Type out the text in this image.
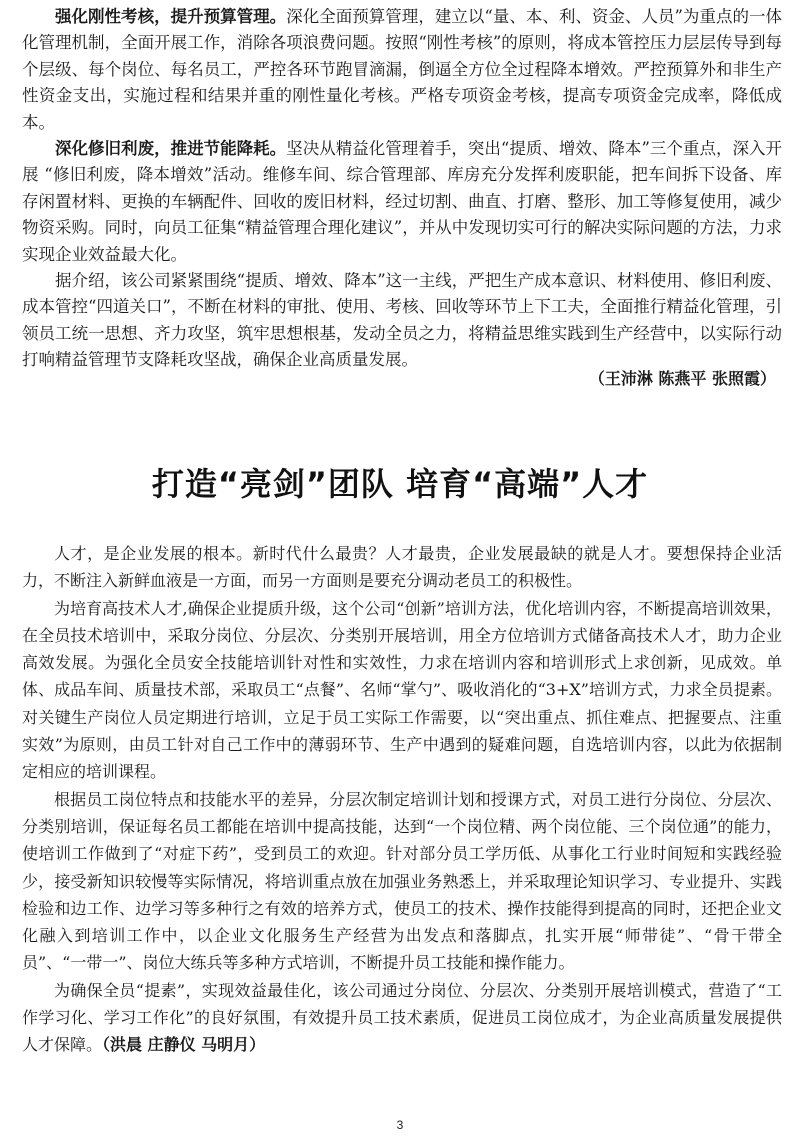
强化刚性考核，提升预算管理。深化全面预算管理，建立以“量、本、利、资金、人员”为重点的一体化管理机制，全面开展工作，消除各项浪费问题。按照“刚性考核”的原则，将成本管控压力层层传导到每个层级、每个岗位、每名员工，严控各环节跑冒滴漏，倒逼全方位全过程降本增效。严控预算外和非生产性资金支出，实施过程和结果并重的刚性量化考核。严格专项资金考核，提高专项资金完成率，降低成本。

深化修旧利废，推进节能降耗。坚决从精益化管理着手，突出“提质、增效、降本”三个重点，深入开展 “修旧利废，降本增效”活动。维修车间、综合管理部、库房充分发挥利废职能，把车间拆下设备、库存闲置材料、更换的车辆配件、回收的废旧材料，经过切割、曲直、打磨、整形、加工等修复使用，减少物资采购。同时，向员工征集“精益管理合理化建议”，并从中发现切实可行的解决实际问题的方法，力求实现企业效益最大化。

据介绍，该公司紧紧围绕“提质、增效、降本”这一主线，严把生产成本意识、材料使用、修旧利废、成本管控“四道关口”，不断在材料的审批、使用、考核、回收等环节上下工夫，全面推行精益化管理，引领员工统一思想、齐力攻坚，筑牢思想根基，发动全员之力，将精益思维实践到生产经营中，以实际行动打响精益管理节支降耗攻坚战，确保企业高质量发展。

（王沛淋 陈燕平 张照霞）
打造“亮剑”团队 培育“高端”人才

人才，是企业发展的根本。新时代什么最贵？人才最贵，企业发展最缺的就是人才。要想保持企业活力，不断注入新鲜血液是一方面，而另一方面则是要充分调动老员工的积极性。

为培育高技术人才,确保企业提质升级，这个公司“创新”培训方法，优化培训内容，不断提高培训效果，在全员技术培训中，采取分岗位、分层次、分类别开展培训，用全方位培训方式储备高技术人才，助力企业高效发展。为强化全员安全技能培训针对性和实效性，力求在培训内容和培训形式上求创新，见成效。单体、成品车间、质量技术部，采取员工“点餐”、名师“掌勺”、吸收消化的“3+X”培训方式，力求全员提素。对关键生产岗位人员定期进行培训，立足于员工实际工作需要，以“突出重点、抓住难点、把握要点、注重实效”为原则，由员工针对自己工作中的薄弱环节、生产中遇到的疑难问题，自选培训内容，以此为依据制定相应的培训课程。

根据员工岗位特点和技能水平的差异，分层次制定培训计划和授课方式，对员工进行分岗位、分层次、分类别培训，保证每名员工都能在培训中提高技能，达到“一个岗位精、两个岗位能、三个岗位通”的能力，使培训工作做到了“对症下药”，受到员工的欢迎。针对部分员工学历低、从事化工行业时间短和实践经验少，接受新知识较慢等实际情况，将培训重点放在加强业务熟悉上，并采取理论知识学习、专业提升、实践检验和边工作、边学习等多种行之有效的培养方式，使员工的技术、操作技能得到提高的同时，还把企业文化融入到培训工作中，以企业文化服务生产经营为出发点和落脚点，扎实开展“师带徒”、“骨干带全员”、“一带一”、岗位大练兵等多种方式培训，不断提升员工技能和操作能力。

为确保全员“提素”，实现效益最佳化，该公司通过分岗位、分层次、分类别开展培训模式，营造了“工作学习化、学习工作化”的良好氛围，有效提升员工技术素质，促进员工岗位成才，为企业高质量发展提供人才保障。（洪晨 庄静仪 马明月）

3
